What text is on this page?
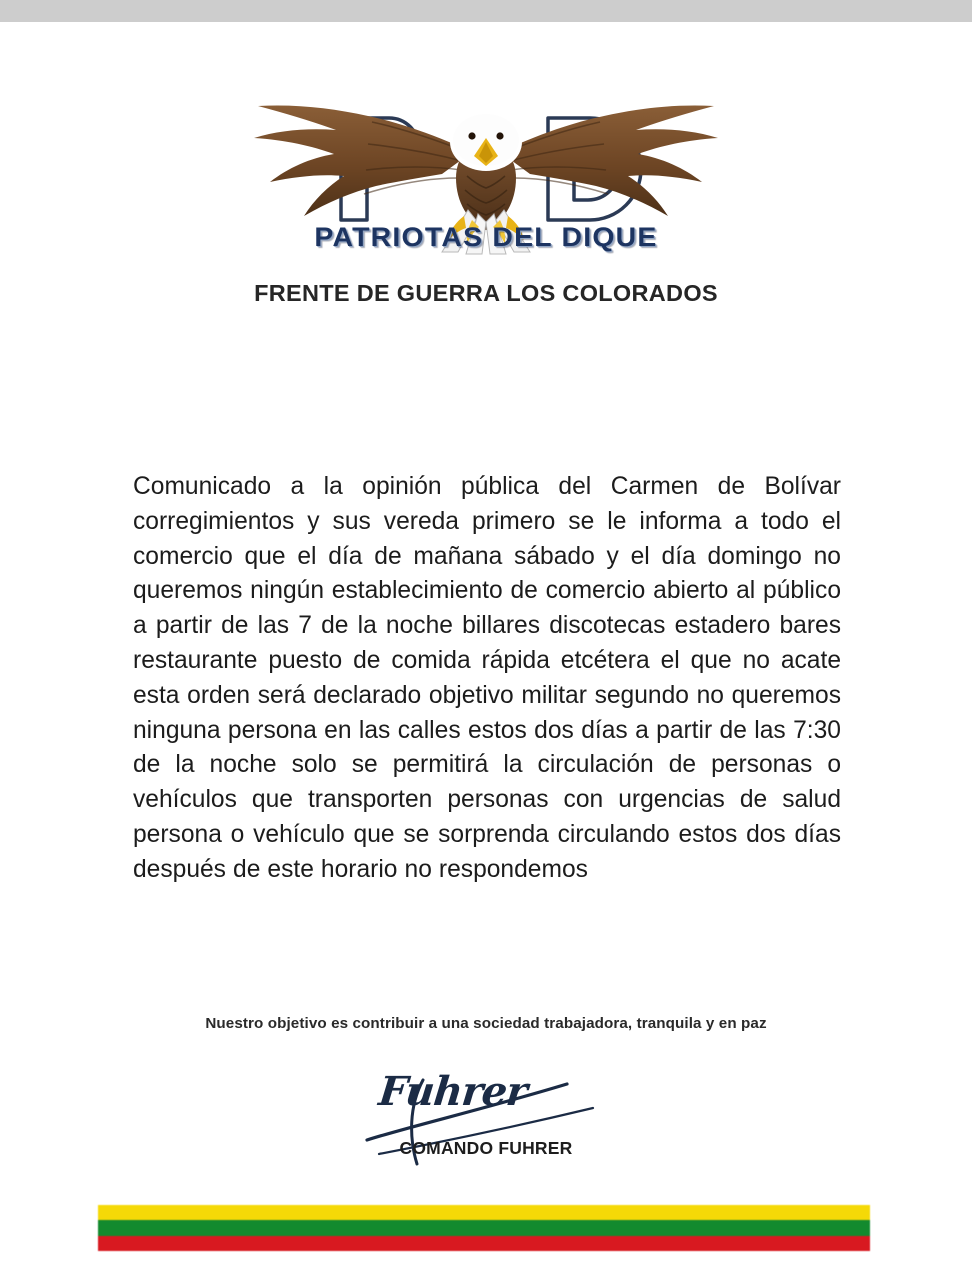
PATRIOTAS DEL DIQUE
FRENTE DE GUERRA LOS COLORADOS
Comunicado a la opinión pública del Carmen de Bolívar corregimientos y sus vereda primero se le informa a todo el comercio que el día de mañana sábado y el día domingo no queremos ningún establecimiento de comercio abierto al público a partir de las 7 de la noche billares discotecas estadero bares restaurante puesto de comida rápida etcétera el que no acate esta orden será declarado objetivo militar segundo no queremos ninguna persona en las calles estos dos días a partir de las 7:30 de la noche solo se permitirá la circulación de personas o vehículos que transporten personas con urgencias de salud persona o vehículo que se sorprenda circulando estos dos días después de este horario no respondemos
Nuestro objetivo es contribuir a una sociedad trabajadora, tranquila y en paz
Fuhrer
COMANDO FUHRER
